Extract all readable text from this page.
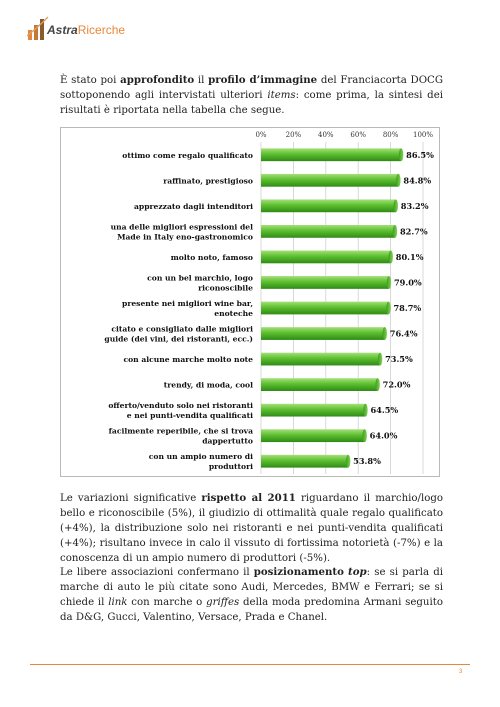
AstraRicerche

È stato poi approfondito il profilo d’immagine del Franciacorta DOCG sottoponendo agli intervistati ulteriori items: come prima, la sintesi dei risultati è riportata nella tabella che segue.

0%	20% 40% 60% 80% 100%
ottimo come regalo qualificato
raffinato, prestigioso
apprezzato dagli intenditori
una delle migliori espressioni del Made in Italy eno-gastronomico
molto noto, famoso
con un bel marchio, logo riconoscibile
presente nei migliori wine bar, enoteche
citato e consigliato dalle migliori guide (dei vini, dei ristoranti, ecc.)
con alcune marche molto note
trendy, di moda, cool
offerto/venduto solo nei ristoranti e nei punti-vendita qualificati
facilmente reperibile, che si trova dappertutto
con un ampio numero di produttori
86.5%
84.8%
83.2%
82.7%
80.1%
79.0%
78.7%
76.4%
73.5%
72.0%
64.5%
64.0%
53.8%

Le variazioni significative rispetto al 2011 riguardano il marchio/logo bello e riconoscibile (5%), il giudizio di ottimalità quale regalo qualificato (+4%), la distribuzione solo nei ristoranti e nei punti-vendita qualificati (+4%); risultano invece in calo il vissuto di fortissima notorietà (-7%) e la conoscenza di un ampio numero di produttori (-5%).

Le libere associazioni confermano il posizionamento top: se si parla di marche di auto le più citate sono Audi, Mercedes, BMW e Ferrari; se si chiede il link con marche o griffes della moda predomina Armani seguito da D&G, Gucci, Valentino, Versace, Prada e Chanel.

3
